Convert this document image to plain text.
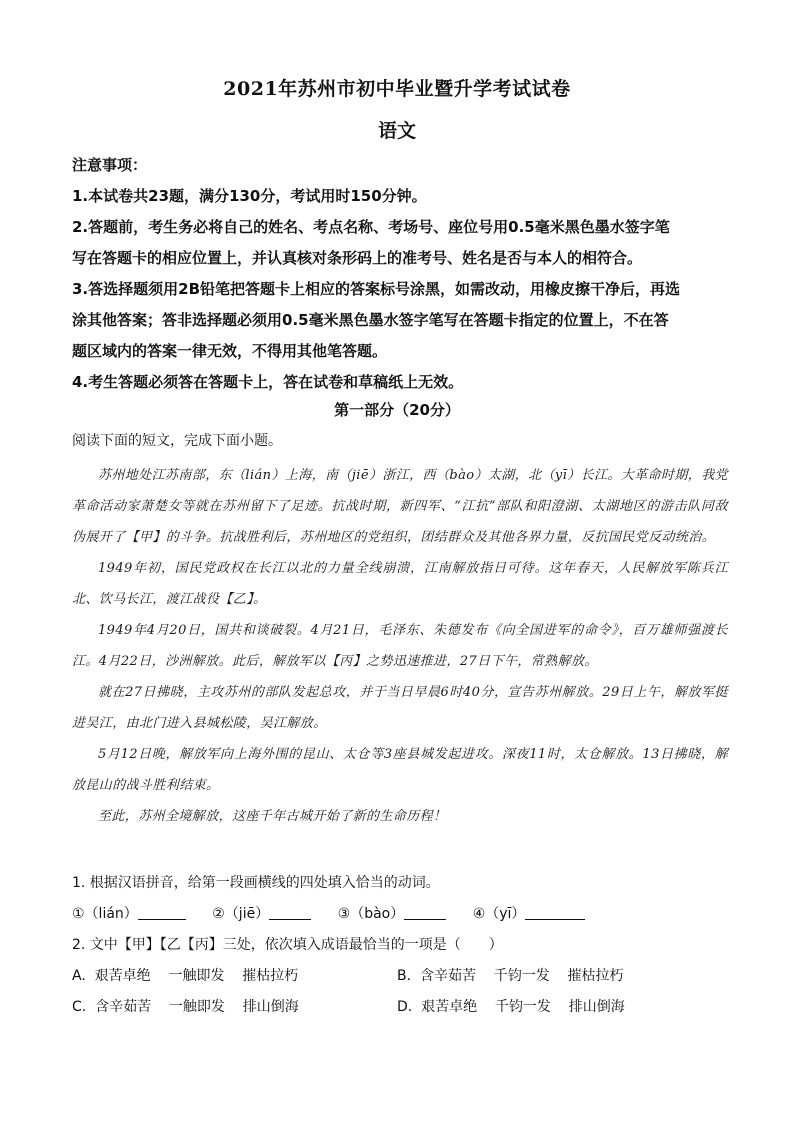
2021年苏州市初中毕业暨升学考试试卷
语文
注意事项：
1.本试卷共23题，满分130分，考试用时150分钟。
2.答题前，考生务必将自己的姓名、考点名称、考场号、座位号用0.5毫米黑色墨水签字笔
写在答题卡的相应位置上，并认真核对条形码上的准考号、姓名是否与本人的相符合。
3.答选择题须用2B铅笔把答题卡上相应的答案标号涂黑，如需改动，用橡皮擦干净后，再选
涂其他答案；答非选择题必须用0.5毫米黑色墨水签字笔写在答题卡指定的位置上，不在答
题区域内的答案一律无效，不得用其他笔答题。
4.考生答题必须答在答题卡上，答在试卷和草稿纸上无效。
第一部分（20分）
阅读下面的短文，完成下面小题。

苏州地处江苏南部，东（lián）上海，南（jiē）浙江，西（bào）太湖，北（yī）长江。大革命时期，我党革命活动家萧楚女等就在苏州留下了足迹。抗战时期，新四军、“江抗”部队和阳澄湖、太湖地区的游击队同敌伪展开了【甲】的斗争。抗战胜利后，苏州地区的党组织，团结群众及其他各界力量，反抗国民党反动统治。

1949年初，国民党政权在长江以北的力量全线崩溃，江南解放指日可待。这年春天，人民解放军陈兵江北、饮马长江，渡江战役【乙】。

1949年4月20日，国共和谈破裂。4月21日，毛泽东、朱德发布《向全国进军的命令》，百万雄师强渡长江。4月22日，沙洲解放。此后，解放军以【丙】之势迅速推进，27日下午，常熟解放。

就在27日拂晓，主攻苏州的部队发起总攻，并于当日早晨6时40分，宣告苏州解放。29日上午，解放军挺进吴江，由北门进入县城松陵，吴江解放。

5月12日晚，解放军向上海外围的昆山、太仓等3座县城发起进攻。深夜11时，太仓解放。13日拂晓，解放昆山的战斗胜利结束。

至此，苏州全境解放，这座千年古城开始了新的生命历程！

1. 根据汉语拼音，给第一段画横线的四处填入恰当的动词。
①（lián）	②（jiē）	③（bào）	④（yī）
2. 文中【甲】【乙【丙】三处，依次填入成语最恰当的一项是（　　）
A.  艰苦卓绝    一触即发    摧枯拉朽	B.  含辛茹苦    千钧一发    摧枯拉朽
C.  含辛茹苦    一触即发    排山倒海	D.  艰苦卓绝    千钧一发    排山倒海
